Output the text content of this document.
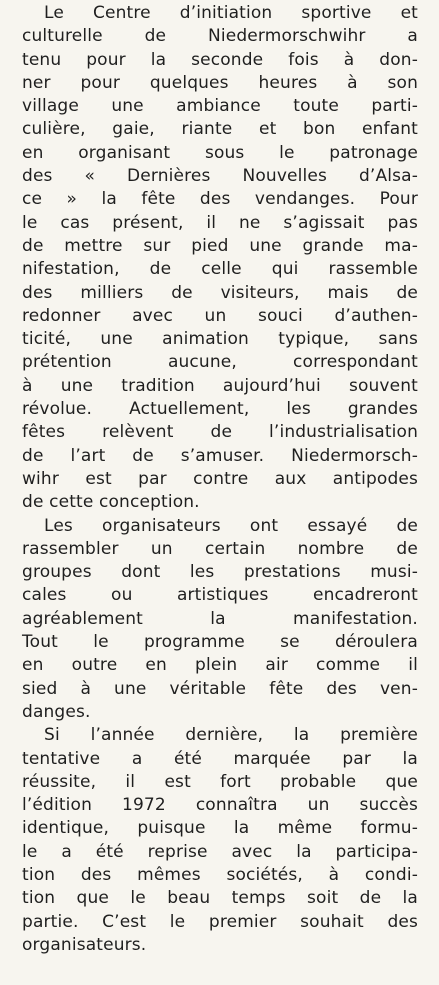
Le Centre d’initiation sportive et
culturelle de Niedermorschwihr a
tenu pour la seconde fois à don-
ner pour quelques heures à son
village une ambiance toute parti-
culière, gaie, riante et bon enfant
en organisant sous le patronage
des « Dernières Nouvelles d’Alsa-
ce » la fête des vendanges. Pour
le cas présent, il ne s’agissait pas
de mettre sur pied une grande ma-
nifestation, de celle qui rassemble
des milliers de visiteurs, mais de
redonner avec un souci d’authen-
ticité, une animation typique, sans
prétention aucune, correspondant
à une tradition aujourd’hui souvent
révolue. Actuellement, les grandes
fêtes relèvent de l’industrialisation
de l’art de s’amuser. Niedermorsch-
wihr est par contre aux antipodes
de cette conception.

Les organisateurs ont essayé de
rassembler un certain nombre de
groupes dont les prestations musi-
cales ou artistiques encadreront
agréablement la manifestation.
Tout le programme se déroulera
en outre en plein air comme il
sied à une véritable fête des ven-
danges.

Si l’année dernière, la première
tentative a été marquée par la
réussite, il est fort probable que
l’édition 1972 connaîtra un succès
identique, puisque la même formu-
le a été reprise avec la participa-
tion des mêmes sociétés, à condi-
tion que le beau temps soit de la
partie. C’est le premier souhait des
organisateurs.
